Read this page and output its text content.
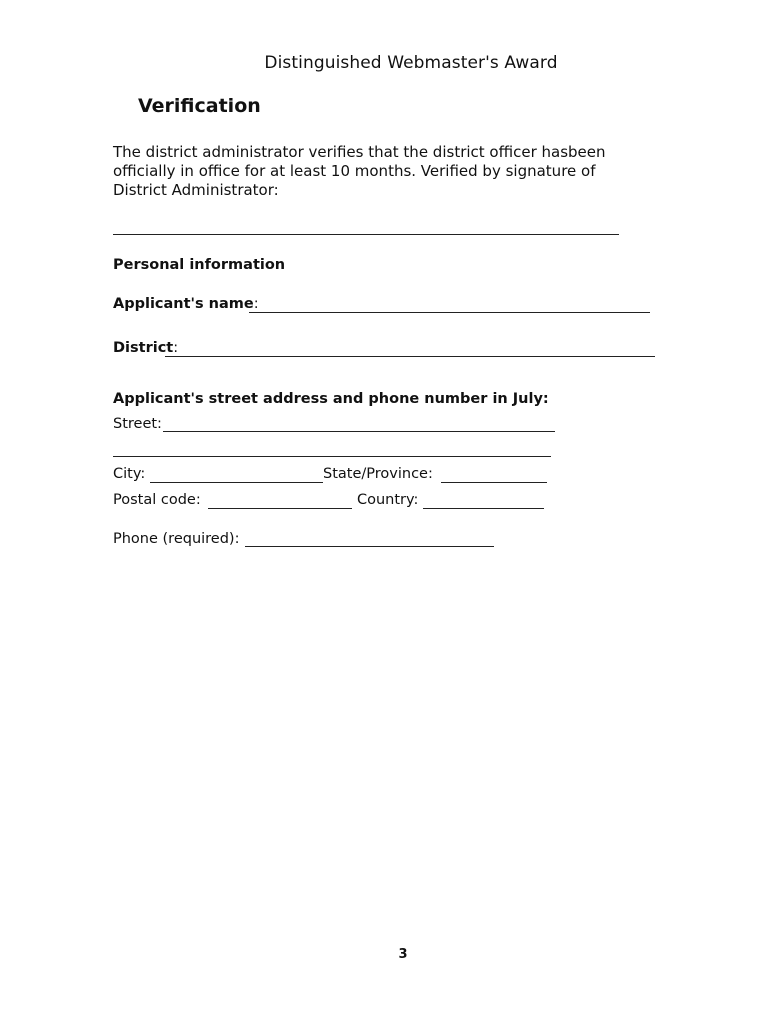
Distinguished Webmaster's Award
Verification
The district administrator verifies that the district officer hasbeen officially in office for at least 10 months. Verified by signature of District Administrator:
Personal information
Applicant's name:
District:
Applicant's street address and phone number in July:
Street:
City:	State/Province:
Postal code:	Country:
Phone (required):
3
